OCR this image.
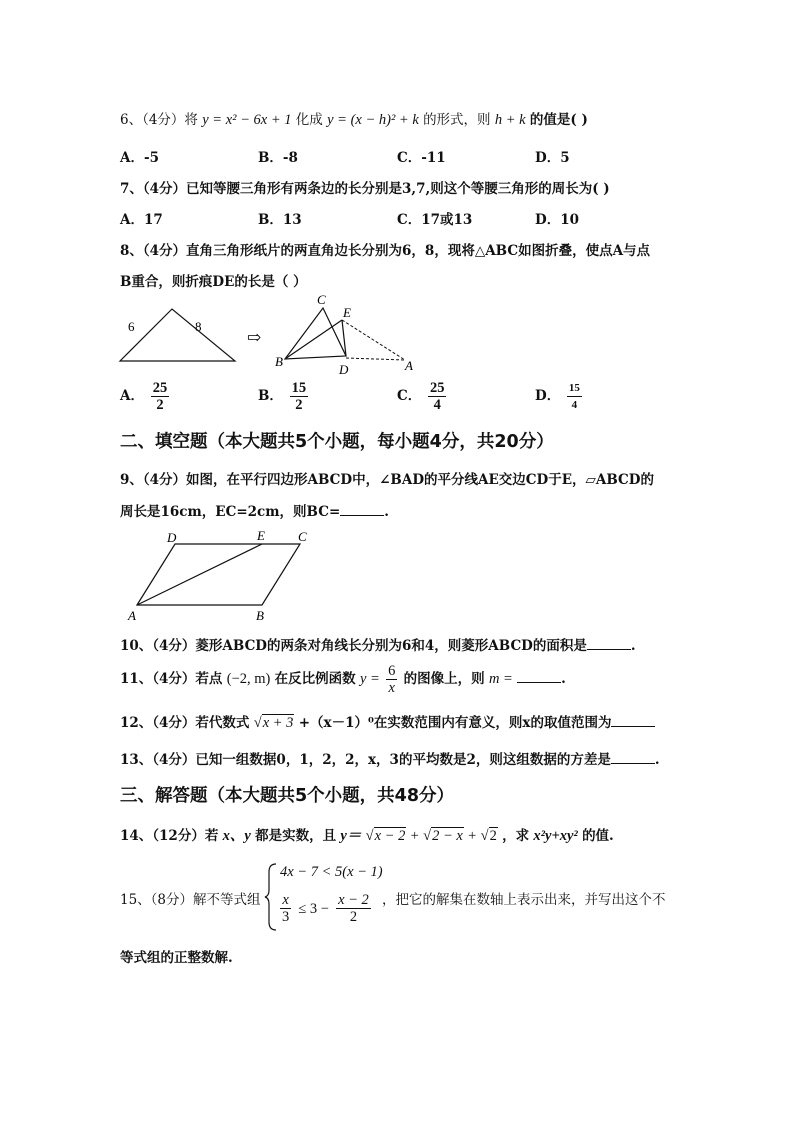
6、（4分）将 y = x² − 6x + 1 化成 y = (x − h)² + k 的形式，则 h + k 的值是( )
A．-5	B．-8	C．-11	D．5
7、（4分）已知等腰三角形有两条边的长分别是3,7,则这个等腰三角形的周长为( )
A．17	B．13	C．17或13	D．10
8、（4分）直角三角形纸片的两直角边长分别为6，8，现将△ABC如图折叠，使点A与点
B重合，则折痕DE的长是（ ）
6	8
⇨
C
E
B
D	A
A． $\frac{25}{2}$	B． $\frac{15}{2}$	C． $\frac{25}{4}$	D． $\frac{15}{4}$
二、填空题（本大题共5个小题，每小题4分，共20分）
9、（4分）如图，在平行四边形ABCD中，∠BAD的平分线AE交边CD于E，▱ABCD的
周长是16cm，EC=2cm，则BC=	.
D	E	C
A	B
10、（4分）菱形ABCD的两条对角线长分别为6和4，则菱形ABCD的面积是	.
11、（4分）若点 (−2, m) 在反比例函数 $y = \frac{6}{x}$ 的图像上，则 m =	.
12、（4分）若代数式 √x + 3 +（x－1）⁰在实数范围内有意义，则x的取值范围为
13、（4分）已知一组数据0，1，2，2，x，3的平均数是2，则这组数据的方差是	.
三、解答题（本大题共5个小题，共48分）
14、（12分）若 x、y 都是实数，且 y＝ √x − 2 + √2 − x + √2 ，求 x²y+xy² 的值.
15、（8分）解不等式组
4x − 7 < 5(x − 1)
$\frac{x}{3} \le 3 - \frac{x - 2}{2}$ ，把它的解集在数轴上表示出来，并写出这个不
等式组的正整数解.
